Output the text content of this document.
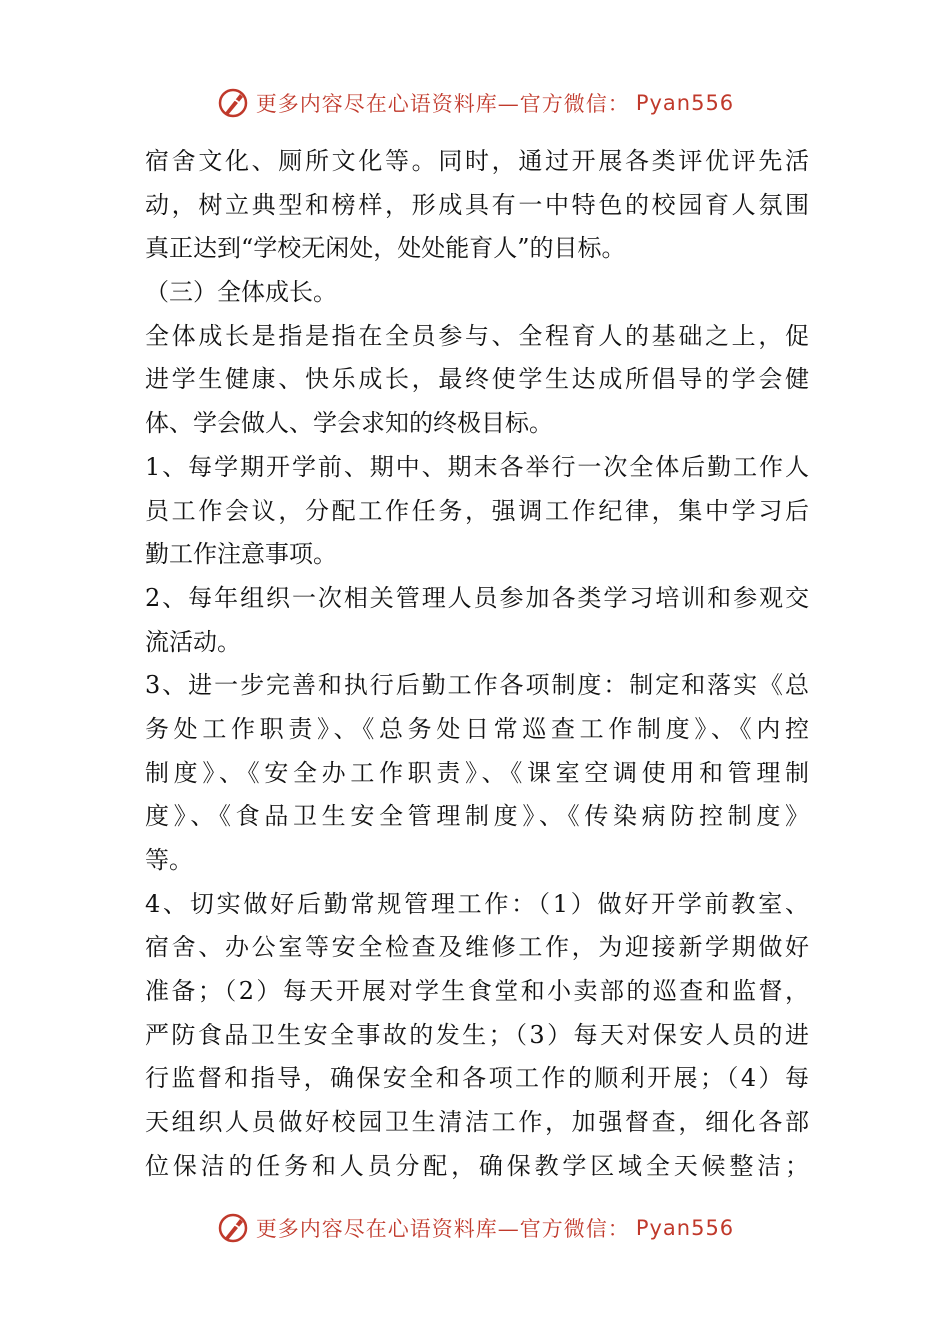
更多内容尽在心语资料库—官方微信： Pyan556
宿舍文化、厕所文化等。同时，通过开展各类评优评先活
动，树立典型和榜样，形成具有一中特色的校园育人氛围
真正达到“学校无闲处，处处能育人”的目标。
（三）全体成长。
全体成长是指是指在全员参与、全程育人的基础之上，促
进学生健康、快乐成长，最终使学生达成所倡导的学会健
体、学会做人、学会求知的终极目标。
1、每学期开学前、期中、期末各举行一次全体后勤工作人
员工作会议，分配工作任务，强调工作纪律，集中学习后
勤工作注意事项。
2、每年组织一次相关管理人员参加各类学习培训和参观交
流活动。
3、进一步完善和执行后勤工作各项制度：制定和落实《总
务处工作职责》、《总务处日常巡查工作制度》、《内控
制度》、《安全办工作职责》、《课室空调使用和管理制
度》、《食品卫生安全管理制度》、《传染病防控制度》
等。
4、切实做好后勤常规管理工作：（1）做好开学前教室、
宿舍、办公室等安全检查及维修工作，为迎接新学期做好
准备；（2）每天开展对学生食堂和小卖部的巡查和监督，
严防食品卫生安全事故的发生；（3）每天对保安人员的进
行监督和指导，确保安全和各项工作的顺利开展；（4）每
天组织人员做好校园卫生清洁工作，加强督查，细化各部
位保洁的任务和人员分配，确保教学区域全天候整洁；
更多内容尽在心语资料库—官方微信： Pyan556
